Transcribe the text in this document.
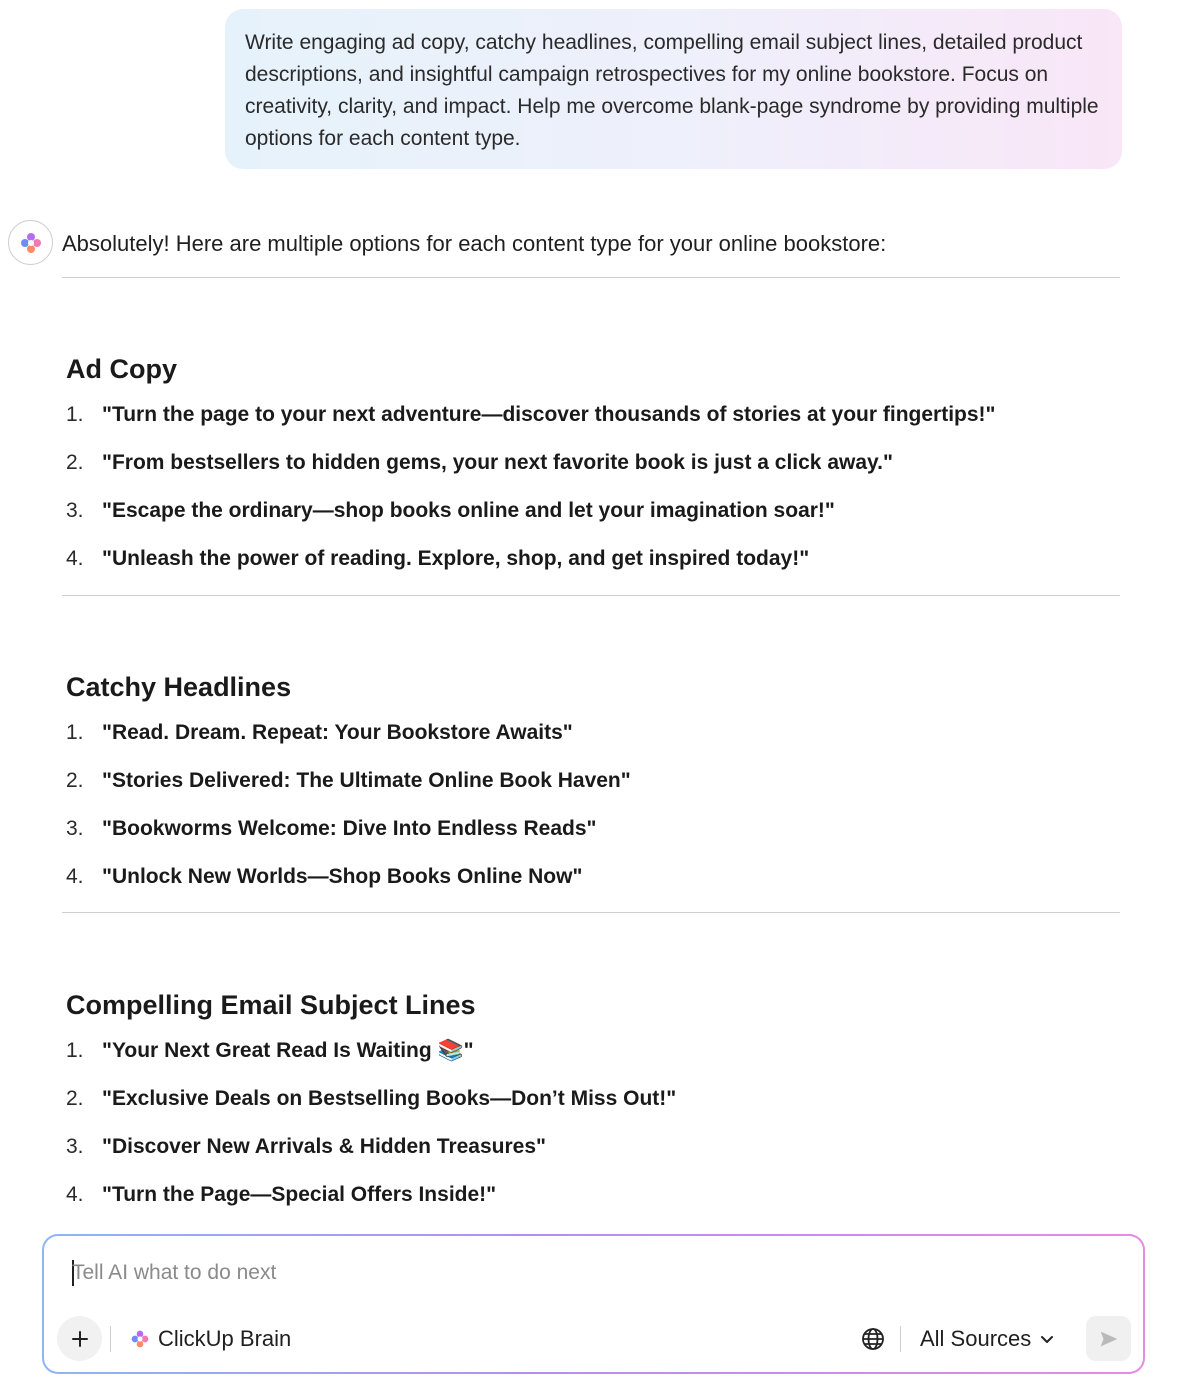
Write engaging ad copy, catchy headlines, compelling email subject lines, detailed product descriptions, and insightful campaign retrospectives for my online bookstore. Focus on creativity, clarity, and impact. Help me overcome blank-page syndrome by providing multiple options for each content type.
Absolutely! Here are multiple options for each content type for your online bookstore:
Ad Copy
1. "Turn the page to your next adventure—discover thousands of stories at your fingertips!"
2. "From bestsellers to hidden gems, your next favorite book is just a click away."
3. "Escape the ordinary—shop books online and let your imagination soar!"
4. "Unleash the power of reading. Explore, shop, and get inspired today!"
Catchy Headlines
1. "Read. Dream. Repeat: Your Bookstore Awaits"
2. "Stories Delivered: The Ultimate Online Book Haven"
3. "Bookworms Welcome: Dive Into Endless Reads"
4. "Unlock New Worlds—Shop Books Online Now"
Compelling Email Subject Lines
1. "Your Next Great Read Is Waiting 📚"
2. "Exclusive Deals on Bestselling Books—Don’t Miss Out!"
3. "Discover New Arrivals & Hidden Treasures"
4. "Turn the Page—Special Offers Inside!"
Tell AI what to do next
ClickUp Brain	All Sources
